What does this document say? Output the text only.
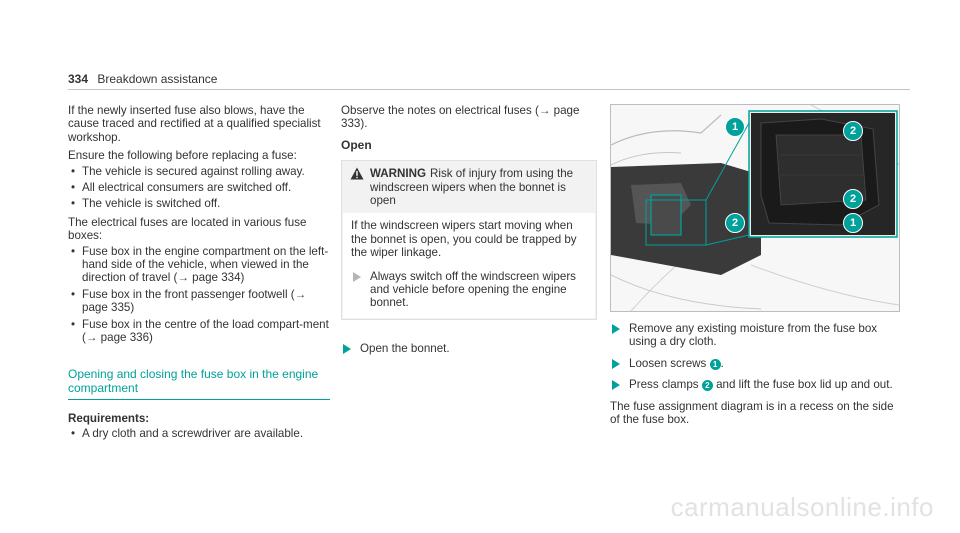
334 Breakdown assistance

If the newly inserted fuse also blows, have the cause traced and rectified at a qualified specialist workshop.

Ensure the following before replacing a fuse:

• The vehicle is secured against rolling away.
• All electrical consumers are switched off.
• The vehicle is switched off.

The electrical fuses are located in various fuse boxes:

• Fuse box in the engine compartment on the left-hand side of the vehicle, when viewed in the direction of travel (→ page 334)
• Fuse box in the front passenger footwell (→ page 335)
• Fuse box in the centre of the load compart-ment (→ page 336)
Opening and closing the fuse box in the engine compartment
Requirements:
• A dry cloth and a screwdriver are available.

Observe the notes on electrical fuses (→ page 333).

Open
WARNING Risk of injury from using the windscreen wipers when the bonnet is open
If the windscreen wipers start moving when the bonnet is open, you could be trapped by the wiper linkage.
Always switch off the windscreen wipers and vehicle before opening the engine bonnet.
Open the bonnet.
1	2
2
2	1
Remove any existing moisture from the fuse box using a dry cloth.
Loosen screws 1 .
Press clamps 2 and lift the fuse box lid up and out.

The fuse assignment diagram is in a recess on the side of the fuse box.

carmanualsonline.info
